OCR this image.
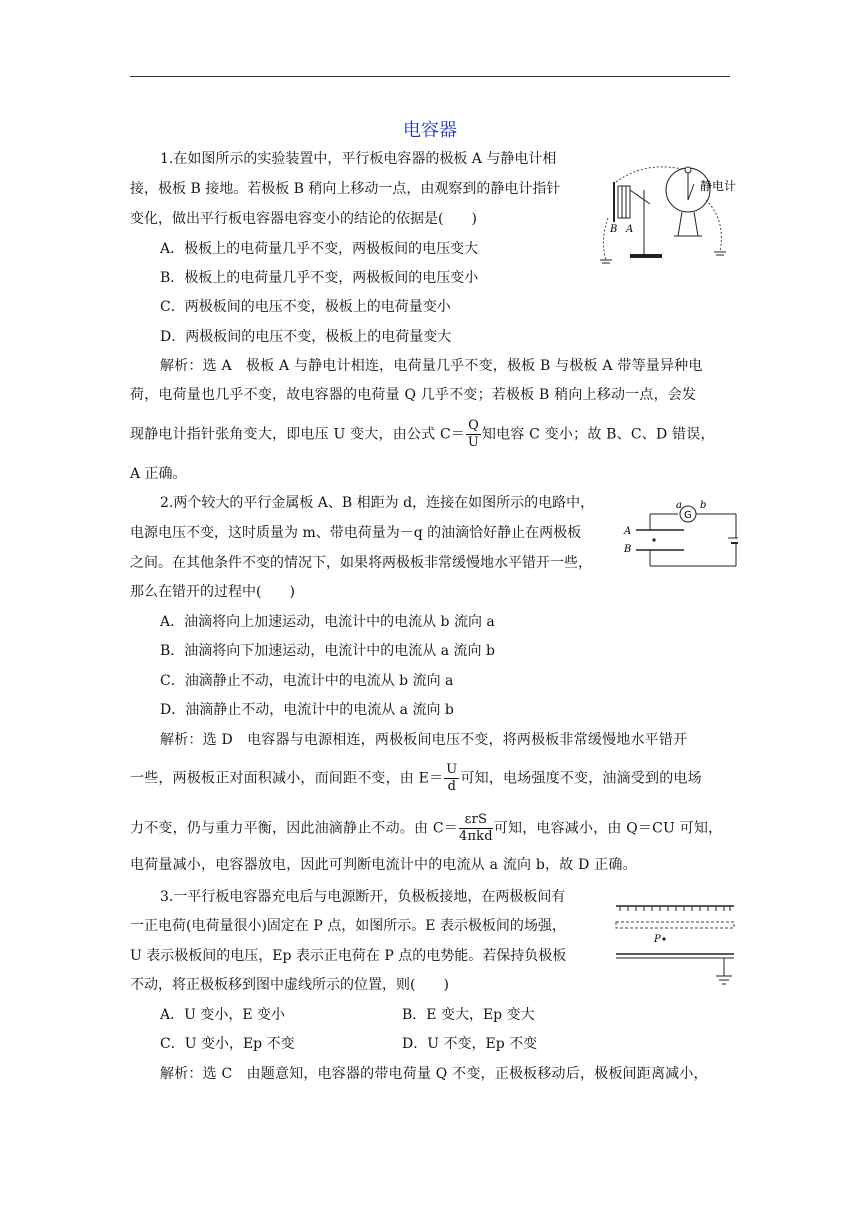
电容器
1.在如图所示的实验装置中，平行板电容器的极板 A 与静电计相
接，极板 B 接地。若极板 B 稍向上移动一点，由观察到的静电计指针
变化，做出平行板电容器电容变小的结论的依据是(　　)
A．极板上的电荷量几乎不变，两极板间的电压变大
B．极板上的电荷量几乎不变，两极板间的电压变小
C．两极板间的电压不变，极板上的电荷量变小
D．两极板间的电压不变，极板上的电荷量变大
解析：选 A　极板 A 与静电计相连，电荷量几乎不变，极板 B 与极板 A 带等量异种电
荷，电荷量也几乎不变，故电容器的电荷量 Q 几乎不变；若极板 B 稍向上移动一点，会发
现静电计指针张角变大，即电压 U 变大，由公式 $C= \frac{Q}{U}$ 知电容 C 变小；故 B、C、D 错误，
A 正确。
静电计
B A
2.两个较大的平行金属板 A、B 相距为 d，连接在如图所示的电路中，
电源电压不变，这时质量为 m、带电荷量为－q 的油滴恰好静止在两极板
之间。在其他条件不变的情况下，如果将两极板非常缓慢地水平错开一些，
那么在错开的过程中(　　)
A．油滴将向上加速运动，电流计中的电流从 b 流向 a
B．油滴将向下加速运动，电流计中的电流从 a 流向 b
C．油滴静止不动，电流计中的电流从 b 流向 a
D．油滴静止不动，电流计中的电流从 a 流向 b
解析：选 D　电容器与电源相连，两极板间电压不变，将两极板非常缓慢地水平错开
一些，两极板正对面积减小，而间距不变，由 $E= \frac{U}{d}$ 可知，电场强度不变，油滴受到的电场
力不变，仍与重力平衡，因此油滴静止不动。由 $C= \frac{\text{εrS}}{\text{4πkd}}$ 可知，电容减小，由 Q＝CU 可知，
电荷量减小，电容器放电，因此可判断电流计中的电流从 a 流向 b，故 D 正确。
G
a b
A
B
3.一平行板电容器充电后与电源断开，负极板接地，在两极板间有
一正电荷(电荷量很小)固定在 P 点，如图所示。E 表示极板间的场强，
U 表示极板间的电压，Ep 表示正电荷在 P 点的电势能。若保持负极板
不动，将正极板移到图中虚线所示的位置，则(　　)
A．U 变小，E 变小	B．E 变大，Ep 变大
C．U 变小，Ep 不变	D．U 不变，Ep 不变
解析：选 C　由题意知，电容器的带电荷量 Q 不变，正极板移动后，极板间距离减小，
P
